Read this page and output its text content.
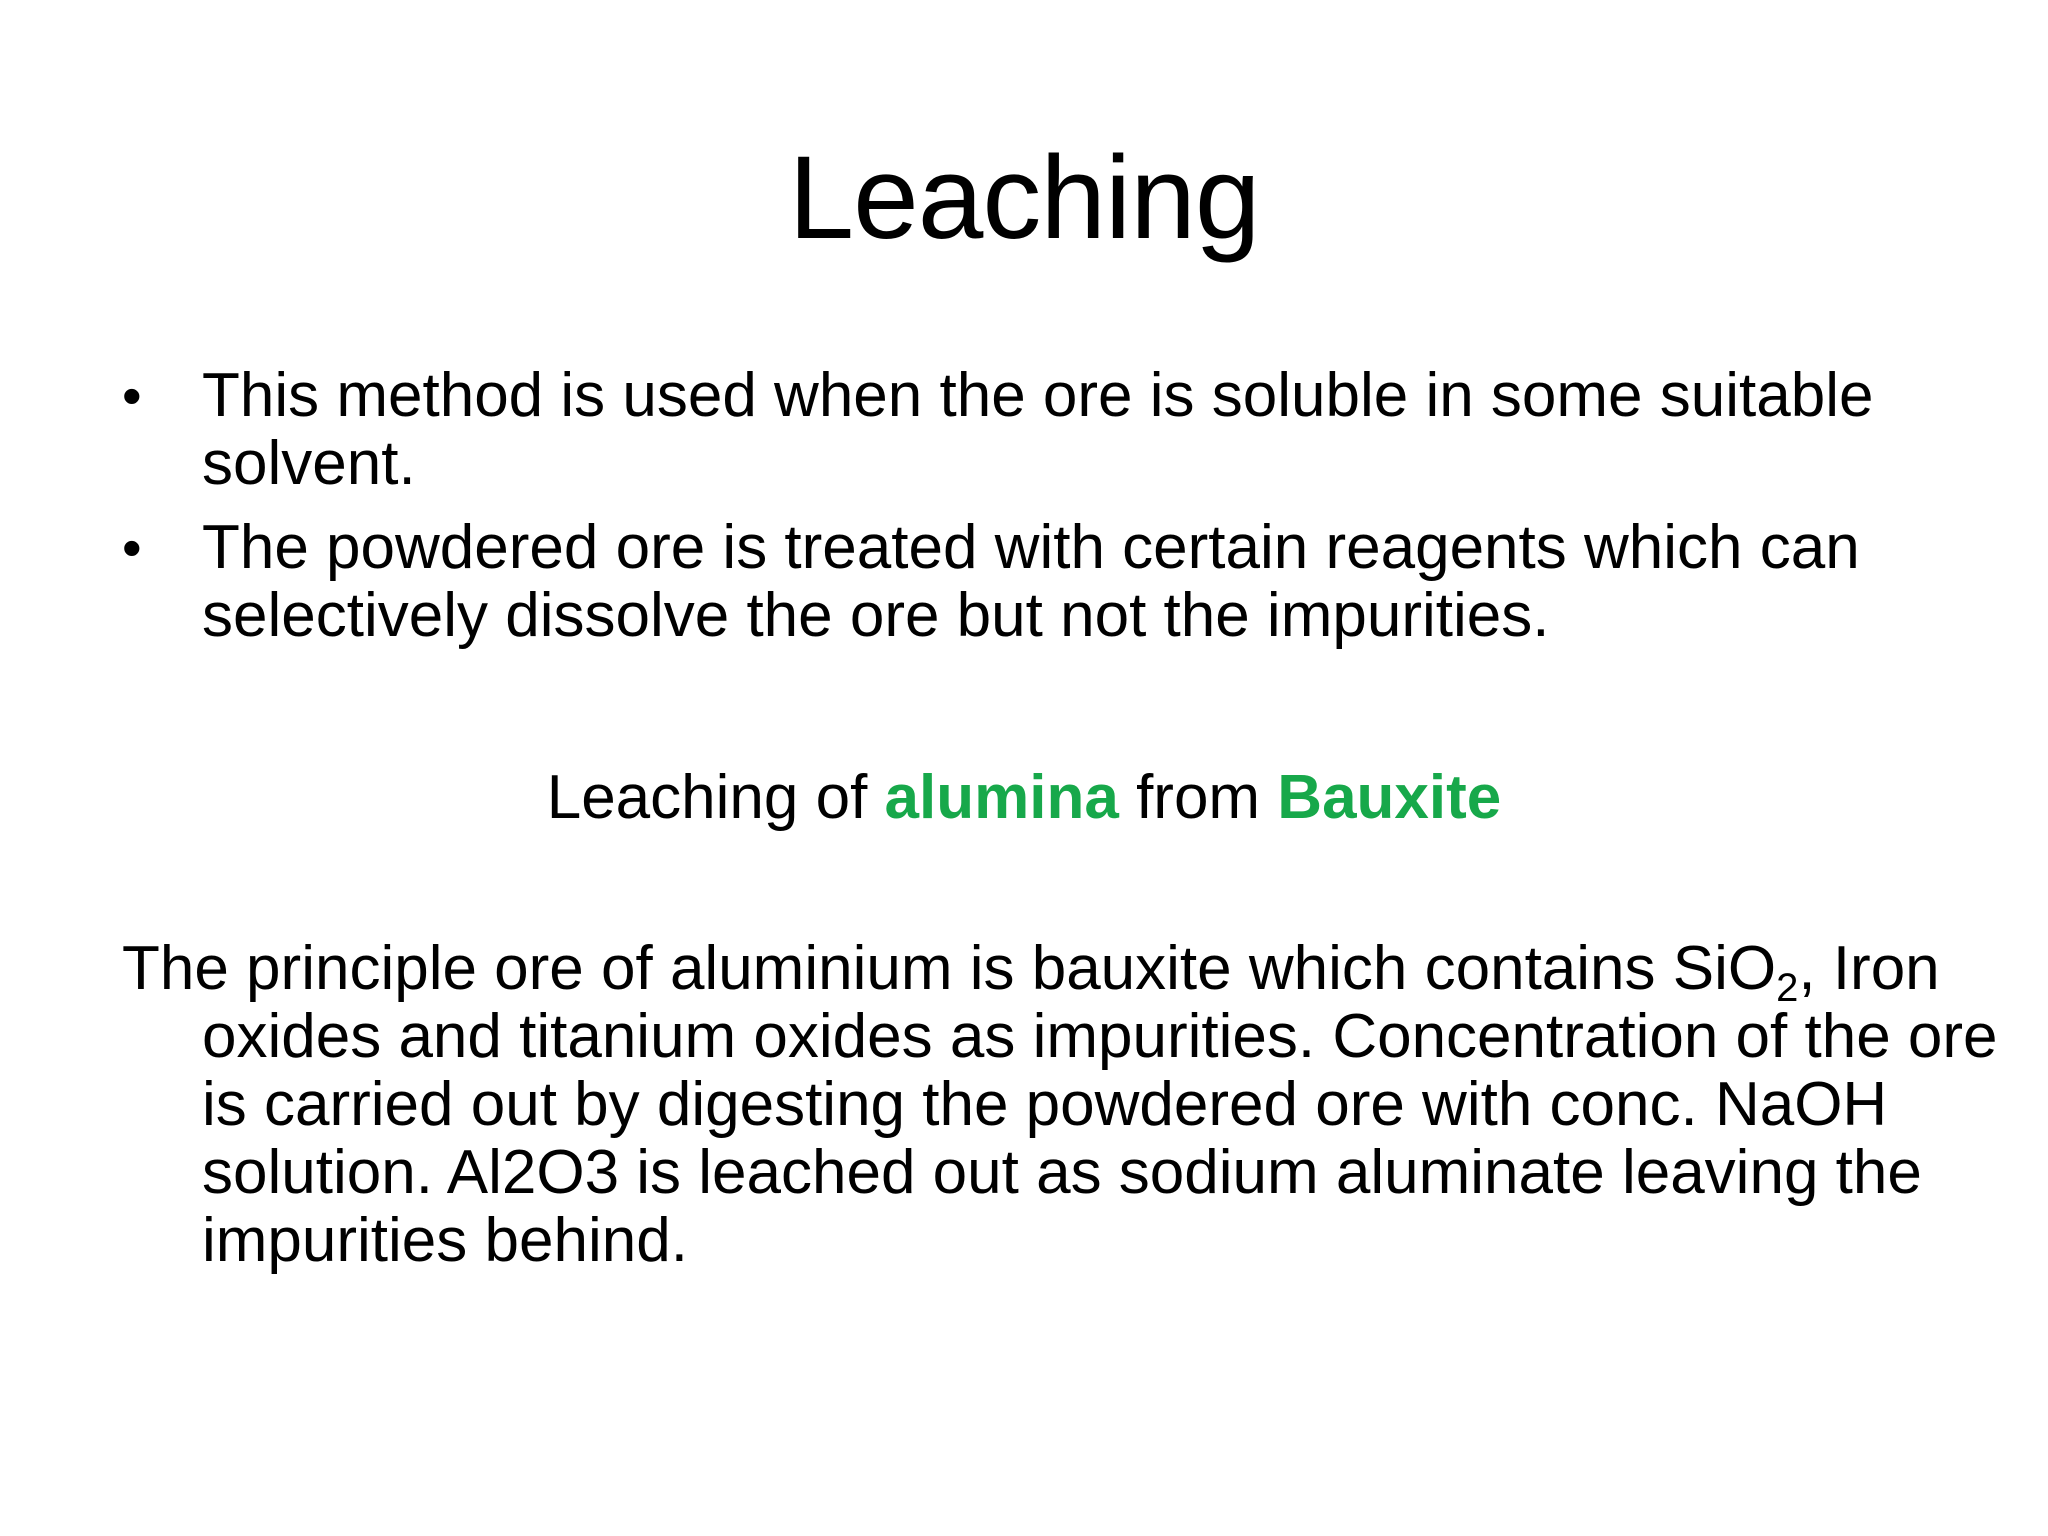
Leaching
• This method is used when the ore is soluble in some suitable solvent.
• The powdered ore is treated with certain reagents which can selectively dissolve the ore but not the impurities.
Leaching of alumina from Bauxite

The principle ore of aluminium is bauxite which contains SiO$_2$, Iron oxides and titanium oxides as impurities. Concentration of the ore is carried out by digesting the powdered ore with conc. NaOH solution. Al2O3 is leached out as sodium aluminate leaving the impurities behind.
